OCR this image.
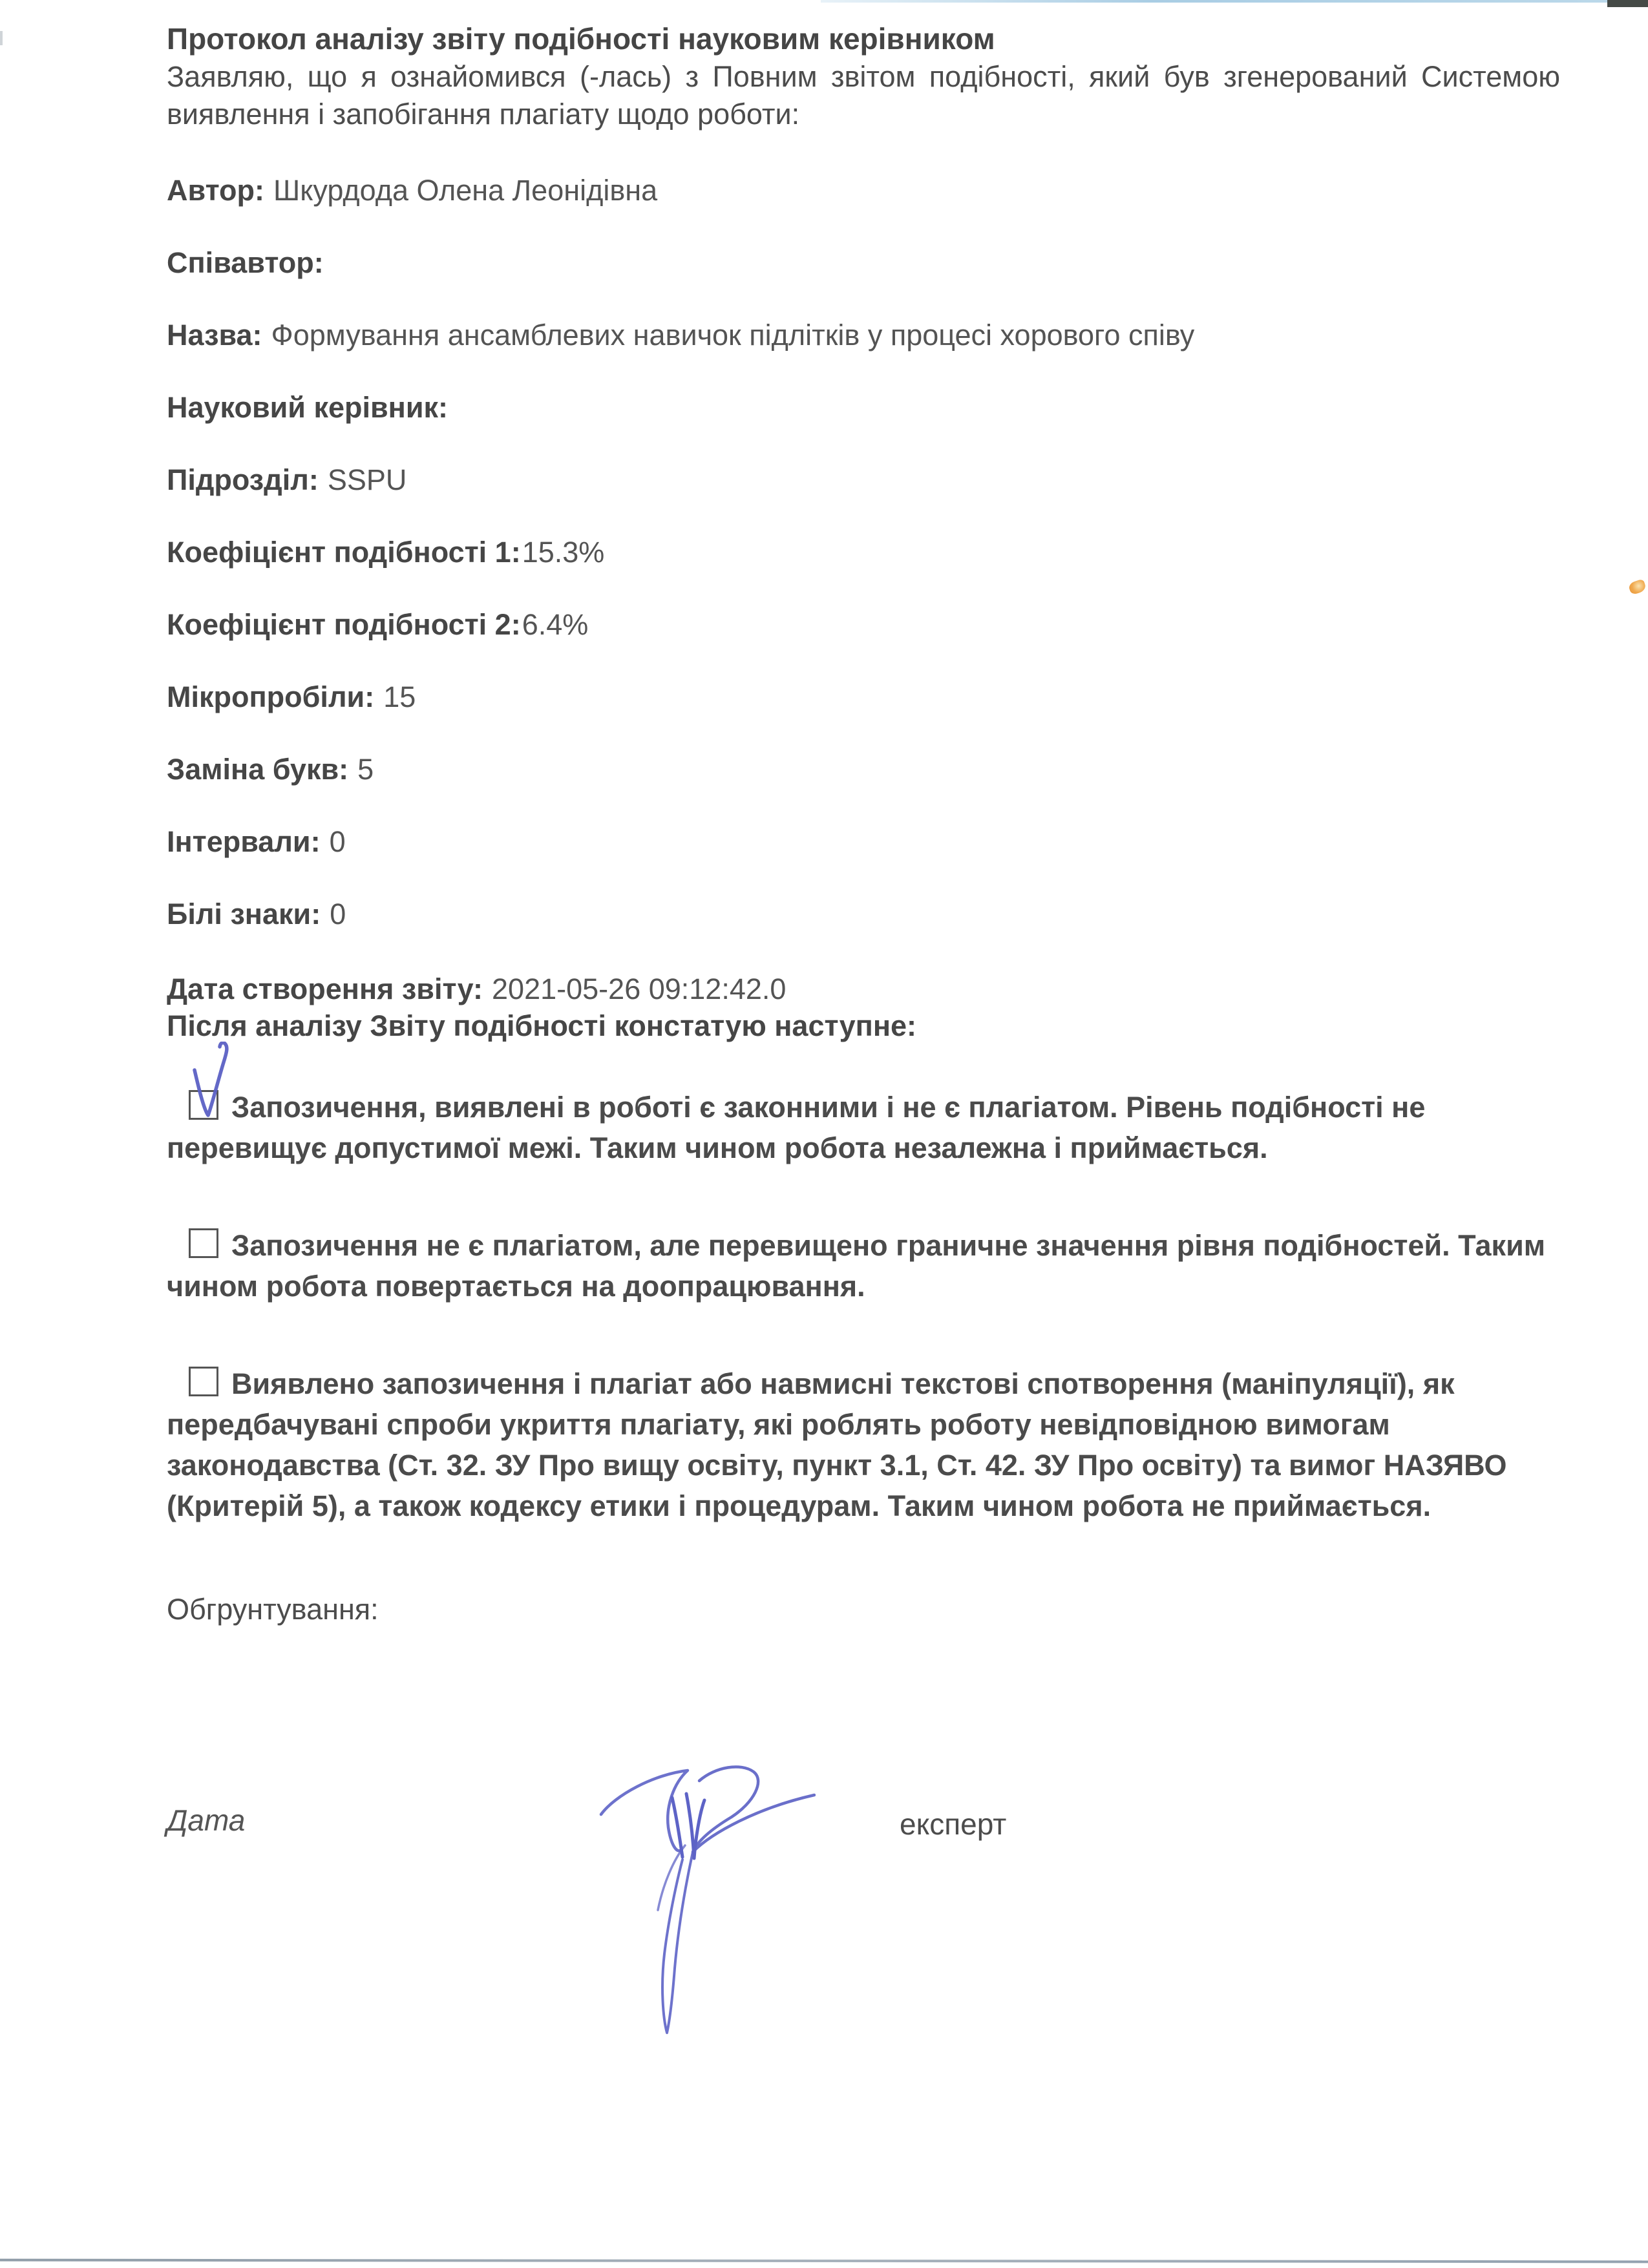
Протокол аналізу звіту подібності науковим керівником

Заявляю, що я ознайомився (-лась) з Повним звітом подібності, який був згенерований Системою виявлення і запобігання плагіату щодо роботи:

Автор: Шкурдода Олена Леонідівна
Співавтор:
Назва: Формування ансамблевих навичок підлітків у процесі хорового співу
Науковий керівник:
Підрозділ: SSPU
Коефіцієнт подібності 1:15.3%
Коефіцієнт подібності 2:6.4%
Мікропробіли: 15
Заміна букв: 5
Інтервали: 0
Білі знаки: 0
Дата створення звіту: 2021-05-26 09:12:42.0
Після аналізу Звіту подібності констатую наступне:

Запозичення, виявлені в роботі є законними і не є плагіатом. Рівень подібності не перевищує допустимої межі. Таким чином робота незалежна і приймається.

Запозичення не є плагіатом, але перевищено граничне значення рівня подібностей. Таким чином робота повертається на доопрацювання.

Виявлено запозичення і плагіат або навмисні текстові спотворення (маніпуляції), як передбачувані спроби укриття плагіату, які роблять роботу невідповідною вимогам законодавства (Ст. 32. ЗУ Про вищу освіту, пункт 3.1, Ст. 42. ЗУ Про освіту) та вимог НАЗЯВО (Критерій 5), а також кодексу етики і процедурам. Таким чином робота не приймається.

Обгрунтування:
Дата	експерт
